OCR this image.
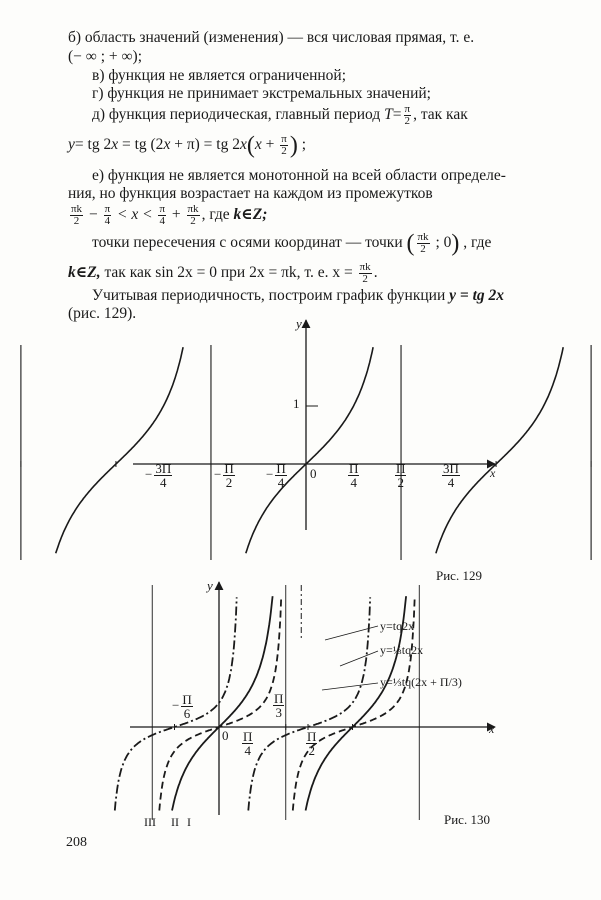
б) область значений (изменения) — вся числовая прямая, т. е.
(− ∞ ; + ∞);
в) функция не является ограниченной;
г) функция не принимает экстремальных значений;
д) функция периодическая, главный период $T= \frac{\pi}{2}$ , так как
y= tg 2x = tg (2x + π) = tg $2x(x + \frac{\pi}{2}$ ) ;
е) функция не является монотонной на всей области определе-
ния, но функция возрастает на каждом из промежутков
$\frac{\pi k}{2} - \frac{\pi}{4} < x < \frac{\pi}{4} + \frac{\pi k}{2}$ , где k∈Z;
точки пересечения с осями координат — точки ( $\frac{\pi k}{2}$ ; 0) , где
k∈Z, так как sin 2x = 0 при 2x = πk, т. е. $x = \frac{\pi k}{2}$ .
Учитывая периодичность, построим график функции y = tg 2x
(рис. 129).
y
x
1
0
− $\frac{3\Pi}{4}$	− $\frac{\Pi}{2} - \frac{\Pi}{4}$	$\frac{\Pi}{4}$	$\frac{\Pi}{2}$	$\frac{3\Pi}{4}$
Рис. 129
y
x
0
− $\frac{\Pi}{6}$	$\frac{\Pi}{3}$
$\frac{\Pi}{4}$	$\frac{\Pi}{2}$
y=tq2x
y=⅓tq2x
y=⅓tq(2x + Π/3)
III II I	Рис. 130
208
